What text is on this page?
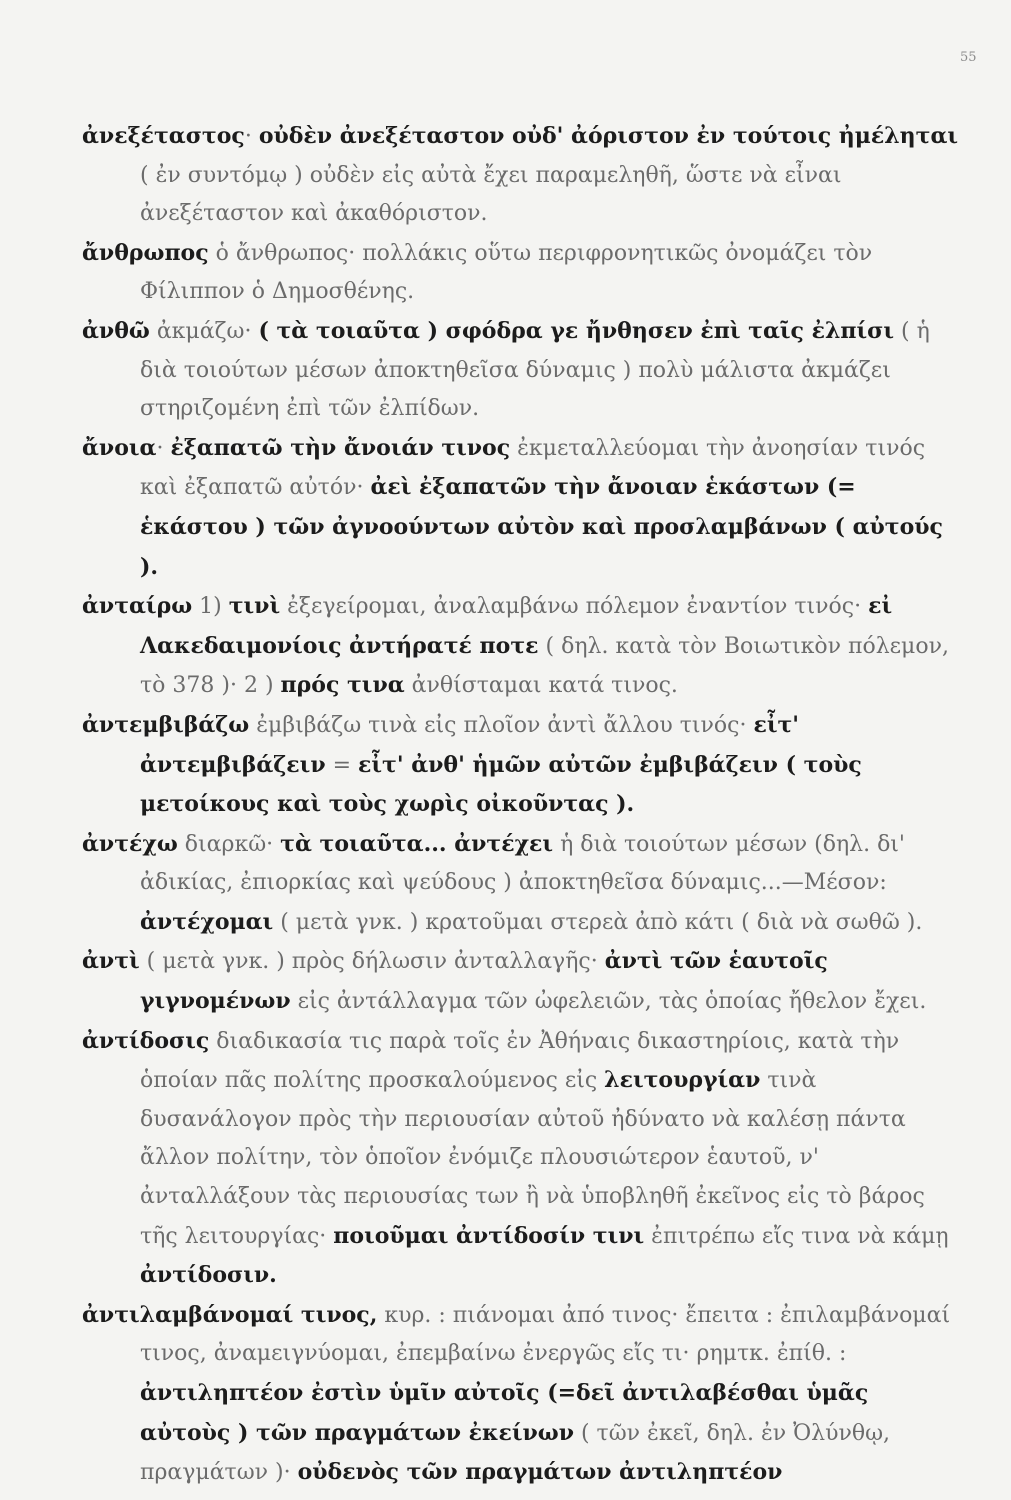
55

ἀνεξέταστος· οὐδὲν ἀνεξέταστον οὐδ' ἀόριστον ἐν τούτοις ἠμέληται ( ἐν συντόμῳ ) οὐδὲν εἰς αὐτὰ ἔχει παραμεληθῆ, ὥστε νὰ εἶναι ἀνεξέταστον καὶ ἀκαθόριστον.

ἄνθρωπος ὁ ἄνθρωπος· πολλάκις οὕτω περιφρονητικῶς ὀνομάζει τὸν Φίλιππον ὁ Δημοσθένης.

ἀνθῶ ἀκμάζω· ( τὰ τοιαῦτα ) σφόδρα γε ἤνθησεν ἐπὶ ταῖς ἐλπίσι ( ἡ διὰ τοιούτων μέσων ἀποκτηθεῖσα δύναμις ) πολὺ μάλιστα ἀκμάζει στηριζομένη ἐπὶ τῶν ἐλπίδων.

ἄνοια· ἐξαπατῶ τὴν ἄνοιάν τινος ἐκμεταλλεύομαι τὴν ἀνοησίαν τινός καὶ ἐξαπατῶ αὐτόν· ἀεὶ ἐξαπατῶν τὴν ἄνοιαν ἑκάστων (= ἑκάστου ) τῶν ἀγνοούντων αὐτὸν καὶ προσλαμβάνων ( αὐτούς ).

ἀνταίρω 1) τινὶ ἐξεγείρομαι, ἀναλαμβάνω πόλεμον ἐναντίον τινός· εἰ Λακεδαιμονίοις ἀντήρατέ ποτε ( δηλ. κατὰ τὸν Βοιωτικὸν πόλεμον, τὸ 378 )· 2 ) πρός τινα ἀνθίσταμαι κατά τινος.

ἀντεμβιβάζω ἐμβιβάζω τινὰ εἰς πλοῖον ἀντὶ ἄλλου τινός· εἶτ' ἀντεμβιβάζειν = εἶτ' ἀνθ' ἡμῶν αὐτῶν ἐμβιβάζειν ( τοὺς μετοίκους καὶ τοὺς χωρὶς οἰκοῦντας ).

ἀντέχω διαρκῶ· τὰ τοιαῦτα... ἀντέχει ἡ διὰ τοιούτων μέσων (δηλ. δι' ἀδικίας, ἐπιορκίας καὶ ψεύδους ) ἀποκτηθεῖσα δύναμις...—Μέσον: ἀντέχομαι ( μετὰ γνκ. ) κρατοῦμαι στερεὰ ἀπὸ κάτι ( διὰ νὰ σωθῶ ).

ἀντὶ ( μετὰ γνκ. ) πρὸς δήλωσιν ἀνταλλαγῆς· ἀντὶ τῶν ἑαυτοῖς γιγνομένων εἰς ἀντάλλαγμα τῶν ὠφελειῶν, τὰς ὁποίας ἤθελον ἔχει.

ἀντίδοσις διαδικασία τις παρὰ τοῖς ἐν Ἀθήναις δικαστηρίοις, κατὰ τὴν ὁποίαν πᾶς πολίτης προσκαλούμενος εἰς λειτουργίαν τινὰ δυσανάλογον πρὸς τὴν περιουσίαν αὐτοῦ ἠδύνατο νὰ καλέσῃ πάντα ἄλλον πολίτην, τὸν ὁποῖον ἐνόμιζε πλουσιώτερον ἑαυτοῦ, ν' ἀνταλλάξουν τὰς περιουσίας των ἢ νὰ ὑποβληθῆ ἐκεῖνος εἰς τὸ βάρος τῆς λειτουργίας· ποιοῦμαι ἀντίδοσίν τινι ἐπιτρέπω εἴς τινα νὰ κάμῃ ἀντίδοσιν.

ἀντιλαμβάνομαί τινος, κυρ. : πιάνομαι ἀπό τινος· ἔπειτα : ἐπιλαμβάνομαί τινος, ἀναμειγνύομαι, ἐπεμβαίνω ἐνεργῶς εἴς τι· ρημτκ. ἐπίθ. : ἀντιληπτέον ἐστὶν ὑμῖν αὐτοῖς (=δεῖ ἀντιλαβέσθαι ὑμᾶς αὐτοὺς ) τῶν πραγμάτων ἐκείνων ( τῶν ἐκεῖ, δηλ. ἐν Ὀλύνθῳ, πραγμάτων )· οὐδενὸς τῶν πραγμάτων ἀντιληπτέον
